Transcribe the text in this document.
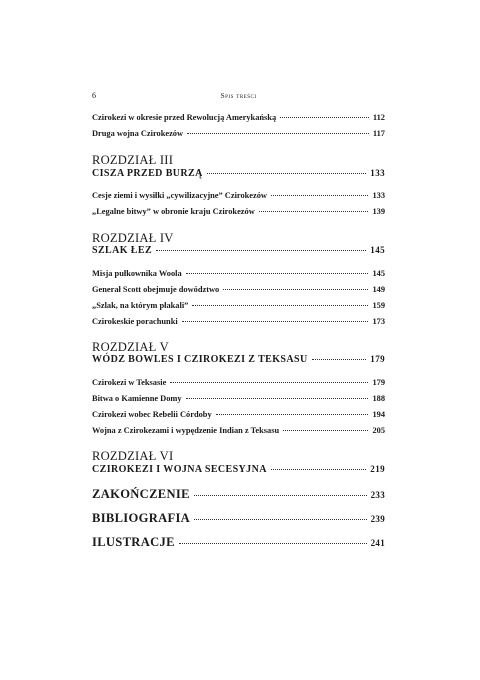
6	Spis treści
Czirokezi w okresie przed Rewolucją Amerykańską	112
Druga wojna Czirokezów	117
ROZDZIAŁ III
CISZA PRZED BURZĄ	133
Cesje ziemi i wysiłki „cywilizacyjne” Czirokezów	133
„Legalne bitwy” w obronie kraju Czirokezów	139
ROZDZIAŁ IV
SZLAK ŁEZ	145
Misja pułkownika Woola	145
Generał Scott obejmuje dowództwo	149
„Szlak, na którym płakali”	159
Czirokeskie porachunki	173
ROZDZIAŁ V
WÓDZ BOWLES I CZIROKEZI Z TEKSASU	179
Czirokezi w Teksasie	179
Bitwa o Kamienne Domy	188
Czirokezi wobec Rebelii Córdoby	194
Wojna z Czirokezami i wypędzenie Indian z Teksasu	205
ROZDZIAŁ VI
CZIROKEZI I WOJNA SECESYJNA	219
ZAKOŃCZENIE	233
BIBLIOGRAFIA	239
ILUSTRACJE	241
